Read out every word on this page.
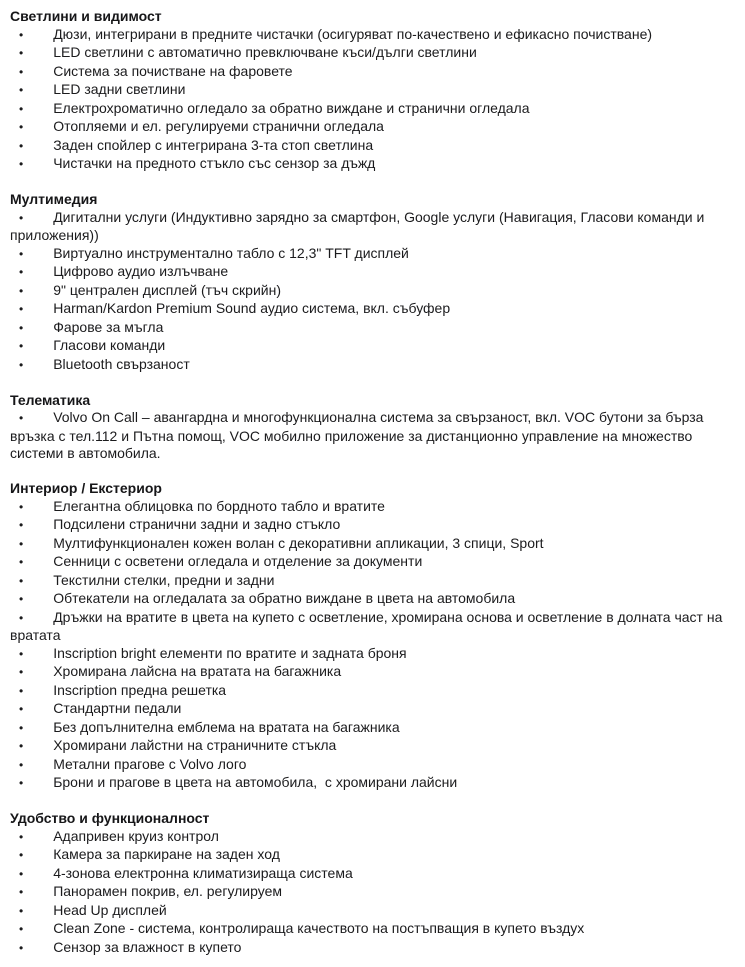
Светлини и видимост
• Дюзи, интегрирани в предните чистачки (осигуряват по-качествено и ефикасно почистване)
• LED светлини с автоматично превключване къси/дълги светлини
• Система за почистване на фаровете
• LED задни светлини
• Електрохроматично огледало за обратно виждане и странични огледала
• Отопляеми и ел. регулируеми странични огледала
• Заден спойлер с интегрирана 3-та стоп светлина
• Чистачки на предното стъкло със сензор за дъжд
Мултимедия
• Дигитални услуги (Индуктивно зарядно за смартфон, Google услуги (Навигация, Гласови команди и приложения))
• Виртуално инструментално табло с 12,3" TFT дисплей
• Цифрово аудио излъчване
• 9" централен дисплей (тъч скрийн)
• Harman/Kardon Premium Sound аудио система, вкл. събуфер
• Фарове за мъгла
• Гласови команди
• Bluetooth свързаност
Телематика
• Volvo On Call – авангардна и многофункционална система за свързаност, вкл. VOC бутони за бърза връзка с тел.112 и Пътна помощ, VOC мобилно приложение за дистанционно управление на множество системи в автомобила.
Интериор / Екстериор
• Елегантна облицовка по бордното табло и вратите
• Подсилени странични задни и задно стъкло
• Мултифункционален кожен волан с декоративни апликации, 3 спици, Sport
• Сенници с осветени огледала и отделение за документи
• Текстилни стелки, предни и задни
• Обтекатели на огледалата за обратно виждане в цвета на автомобила
• Дръжки на вратите в цвета на купето с осветление, хромирана основа и осветление в долната част на вратата
• Inscription bright елементи по вратите и задната броня
• Хромирана лайсна на вратата на багажника
• Inscription предна решетка
• Стандартни педали
• Без допълнителна емблема на вратата на багажника
• Хромирани лайстни на страничните стъкла
• Метални прагове с Volvo лого
• Брони и прагове в цвета на автомобила,  с хромирани лайсни
Удобство и функционалност
• Адапривен круиз контрол
• Камера за паркиране на заден ход
• 4-зонова електронна климатизираща система
• Панорамен покрив, ел. регулируем
• Head Up дисплей
• Clean Zone - система, контролираща качеството на постъпващия в купето въздух
• Сензор за влажност в купето
